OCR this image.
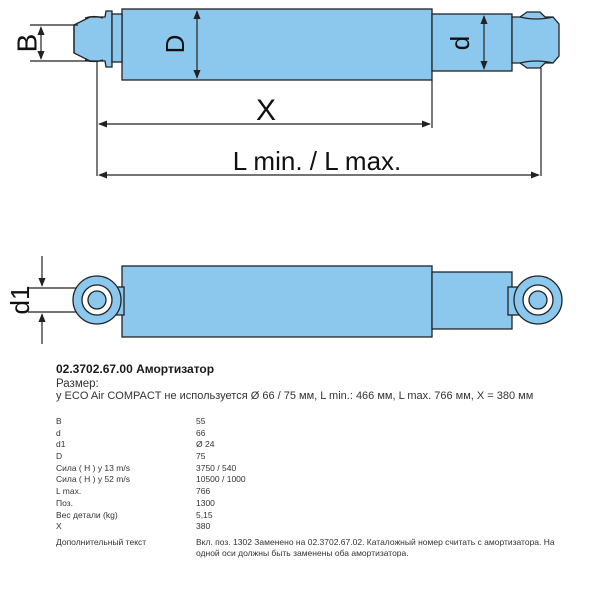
B	D	d
X
L min. / L max.
d1
02.3702.67.00 Амортизатор
Размер:
у ECO Air COMPACT не используется Ø 66 / 75 мм, L min.: 466 мм, L max. 766 мм, X = 380 мм
B	55
d	66
d1	Ø 24
D	75
Сила ( Н ) у 13 m/s	3750 / 540
Сила ( Н ) у 52 m/s	10500 / 1000
L max.	766
Поз.	1300
Вес детали (kg)	5,15
X	380
Дополнительный текст	Вкл. поз. 1302 Заменено на 02.3702.67.02. Каталожный номер считать с амортизатора. На одной оси должны быть заменены оба амортизатора.
